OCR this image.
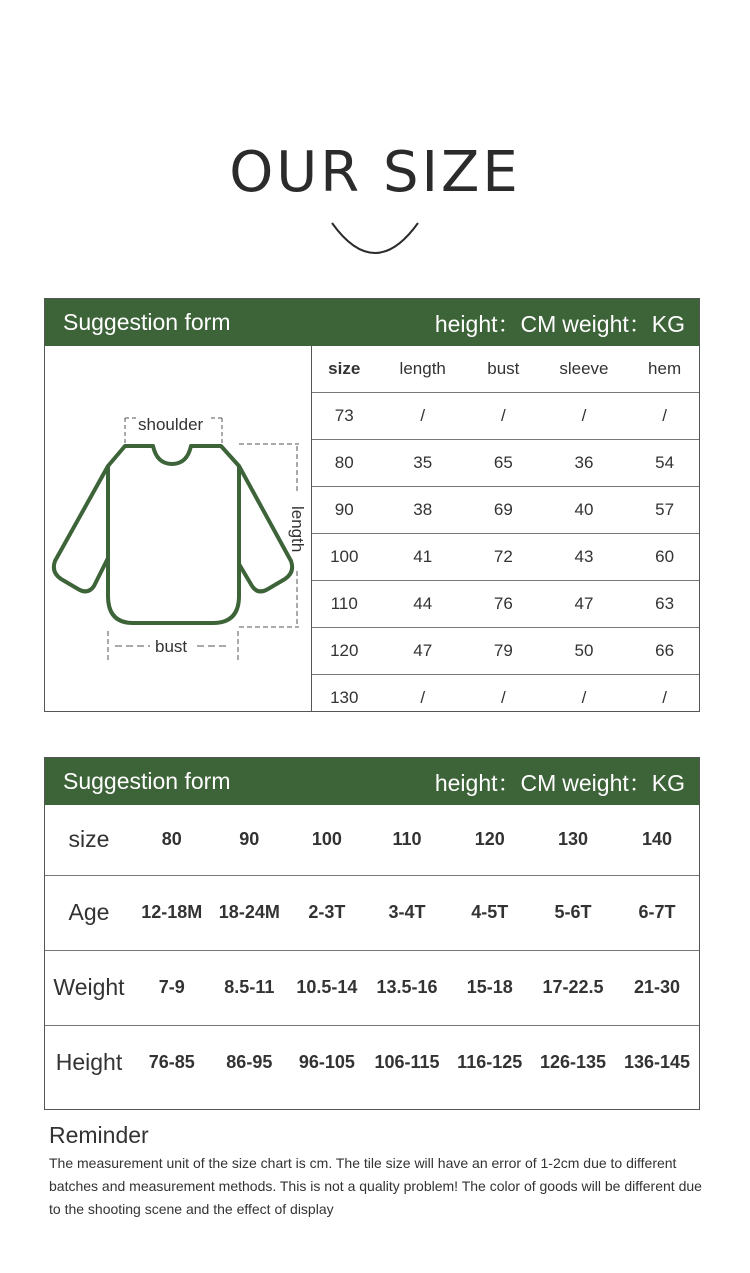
OUR SIZE
Suggestion form	height：CM weight：KG
shoulder
length
bust
size	length	bust	sleeve	hem
73	/	/	/	/
80	35	65	36	54
90	38	69	40	57
100	41	72	43	60
110	44	76	47	63
120	47	79	50	66
130	/	/	/	/
Suggestion form	height：CM weight：KG
size	80	90	100	110	120	130	140
Age	12-18M	18-24M	2-3T	3-4T	4-5T	5-6T	6-7T
Weight	7-9	8.5-11	10.5-14	13.5-16	15-18	17-22.5	21-30
Height	76-85	86-95	96-105	106-115	116-125	126-135	136-145
Reminder
The measurement unit of the size chart is cm. The tile size will have an error of 1-2cm due to different batches and measurement methods. This is not a quality problem! The color of goods will be different due to the shooting scene and the effect of display
